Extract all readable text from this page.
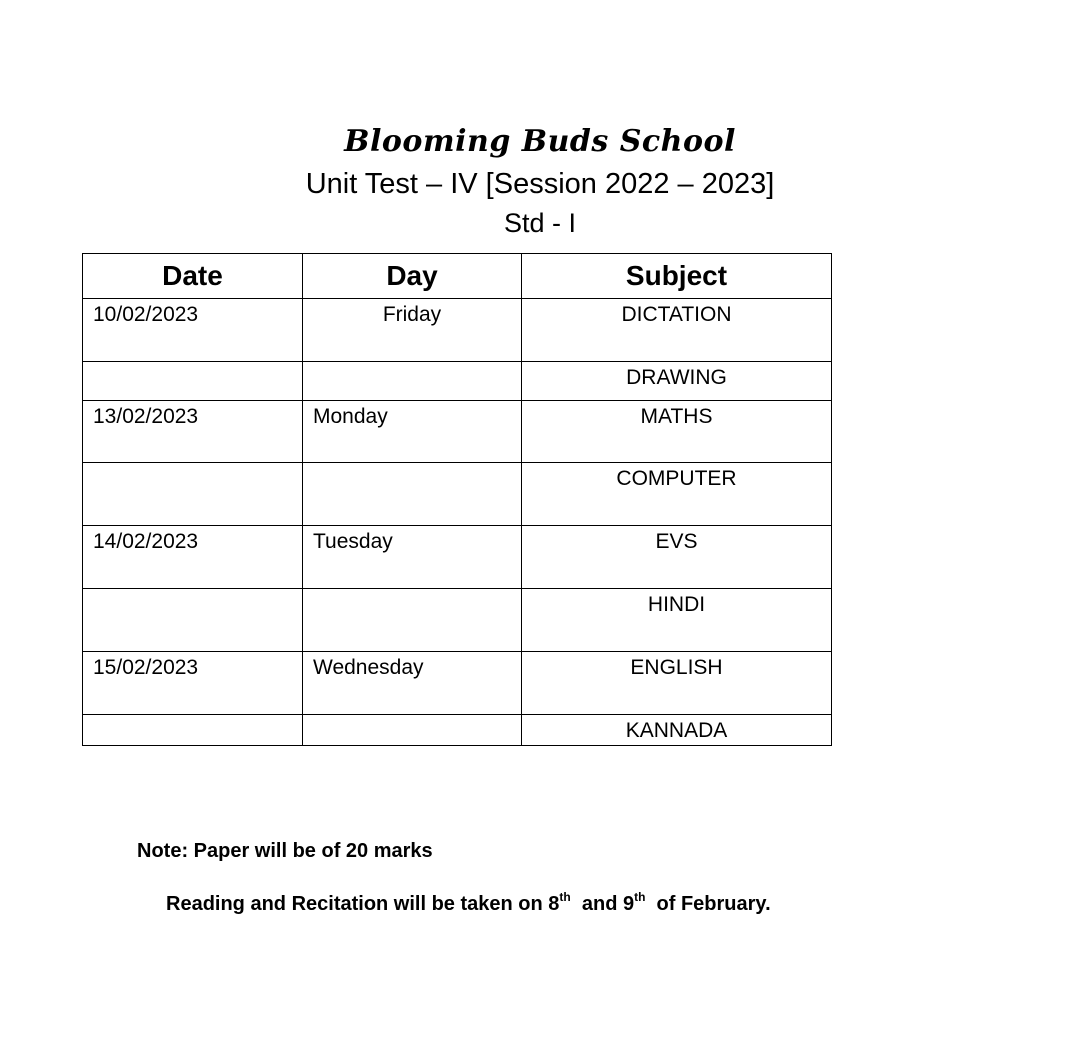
Blooming Buds School
Unit Test – IV [Session 2022 – 2023]
Std - I
Date	Day	Subject

10/02/2023	Friday	DICTATION

		DRAWING

13/02/2023	Monday	MATHS

		COMPUTER

14/02/2023	Tuesday	EVS

		HINDI

15/02/2023	Wednesday	ENGLISH

		KANNADA
Note: Paper will be of 20 marks
Reading and Recitation will be taken on 8th  and 9th  of February.
